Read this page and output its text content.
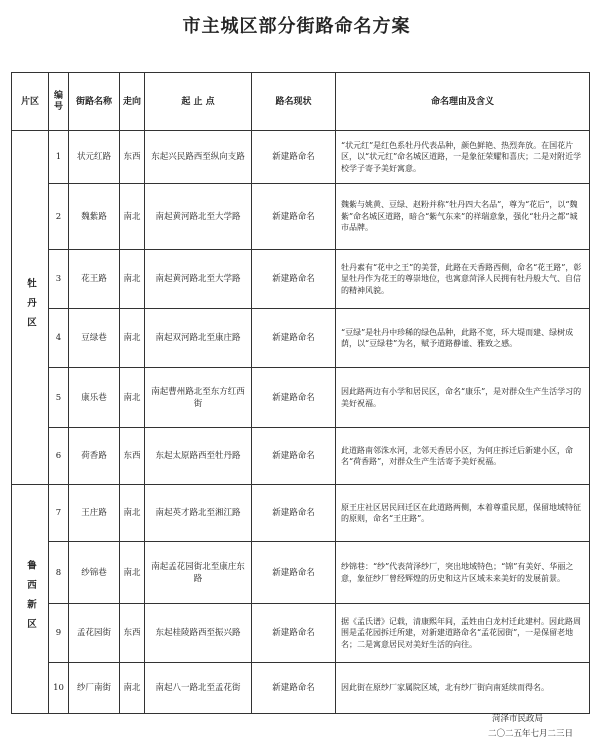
市主城区部分街路命名方案
片区	编号	街路名称	走向	起 止 点	路名现状	命名理由及含义

牡丹区	1	状元红路	东西	东起兴民路西至纵向支路	新建路命名	“状元红”是红色系牡丹代表品种，颜色鲜艳、热烈奔放。在国花片区，以“状元红”命名城区道路，一是象征荣耀和喜庆；二是对附近学校学子寄予美好寓意。
	2	魏紫路	南北	南起黄河路北至大学路	新建路命名	魏紫与姚黄、豆绿、赵粉并称“牡丹四大名品”，尊为“花后”，以“魏紫”命名城区道路，暗合“紫气东来”的祥瑞意象，强化“牡丹之都”城市品牌。
	3	花王路	南北	南起黄河路北至大学路	新建路命名	牡丹素有“花中之王”的美誉，此路在天香路西侧，命名“花王路”，彰显牡丹作为花王的尊崇地位，也寓意菏泽人民拥有牡丹般大气、自信的精神风貌。
	4	豆绿巷	南北	南起双河路北至康庄路	新建路命名	“豆绿”是牡丹中珍稀的绿色品种，此路不宽，环大堤而建、绿树成荫，以“豆绿巷”为名，赋予道路静谧、雅致之感。
	5	康乐巷	南北	南起曹州路北至东方红西街	新建路命名	因此路两边有小学和居民区，命名“康乐”，是对群众生产生活学习的美好祝福。
	6	荷香路	东西	东起太原路西至牡丹路	新建路命名	此道路南邻洙水河，北邻天香居小区，为何庄拆迁后新建小区，命名“荷香路”，对群众生产生活寄予美好祝福。

鲁西新区	7	王庄路	南北	南起英才路北至湘江路	新建路命名	原王庄社区居民回迁区在此道路两侧，本着尊重民愿，保留地域特征的原则，命名“王庄路”。
	8	纱锦巷	南北	南起孟花园街北至康庄东路	新建路命名	纱锦巷：“纱”代表菏泽纱厂，突出地域特色；“锦”有美好、华丽之意，象征纱厂曾经辉煌的历史和这片区域未来美好的发展前景。
	9	孟花园街	东西	东起桂陵路西至振兴路	新建路命名	据《孟氏谱》记载，清康熙年间，孟姓由白龙村迁此建村。因此路周围是孟花园拆迁所建，对新建道路命名“孟花园街”，一是保留老地名；二是寓意居民对美好生活的向往。
	10	纱厂南街	南北	南起八一路北至孟花街	新建路命名	因此街在原纱厂家属院区域，北有纱厂街向南延续而得名。
菏泽市民政局
二〇二五年七月二三日
